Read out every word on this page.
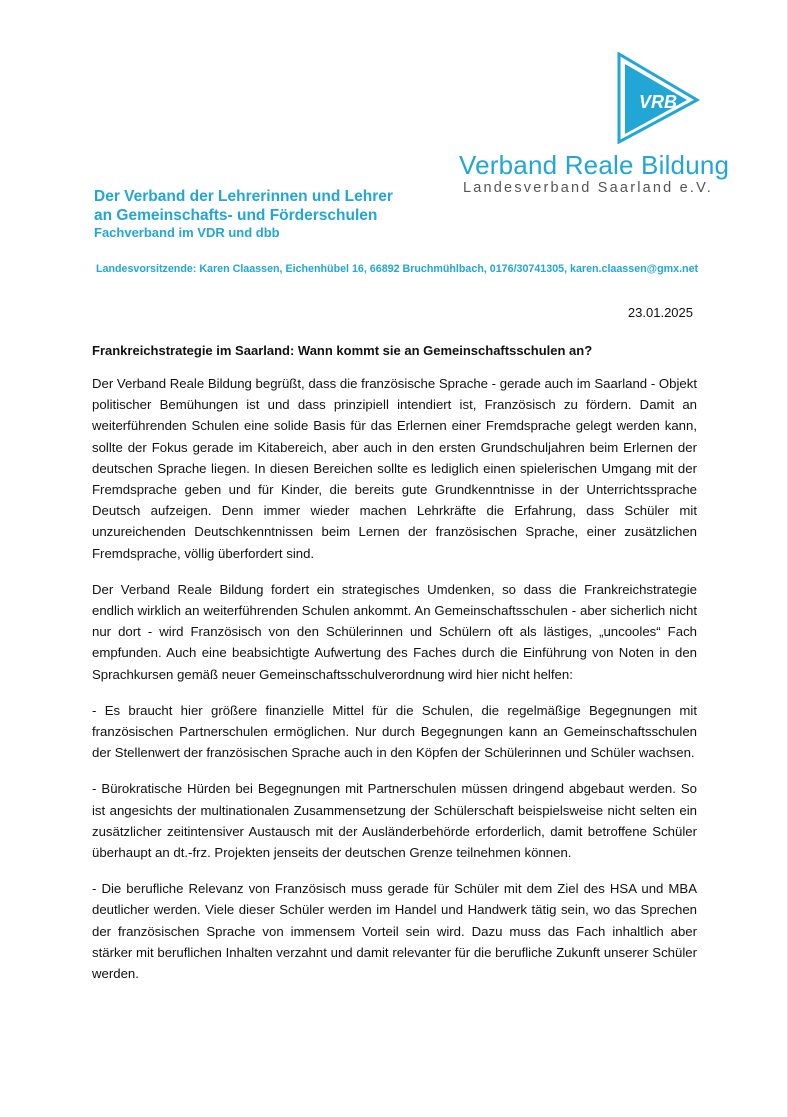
VRB
Verband Reale Bildung
Landesverband Saarland e.V.
Der Verband der Lehrerinnen und Lehrer
an Gemeinschafts- und Förderschulen
Fachverband im VDR und dbb
Landesvorsitzende: Karen Claassen, Eichenhübel 16, 66892 Bruchmühlbach, 0176/30741305, karen.claassen@gmx.net
23.01.2025
Frankreichstrategie im Saarland: Wann kommt sie an Gemeinschaftsschulen an?

Der Verband Reale Bildung begrüßt, dass die französische Sprache - gerade auch im Saarland - Objekt politischer Bemühungen ist und dass prinzipiell intendiert ist, Französisch zu fördern. Damit an weiterführenden Schulen eine solide Basis für das Erlernen einer Fremdsprache gelegt werden kann, sollte der Fokus gerade im Kitabereich, aber auch in den ersten Grundschuljahren beim Erlernen der deutschen Sprache liegen. In diesen Bereichen sollte es lediglich einen spielerischen Umgang mit der Fremdsprache geben und für Kinder, die bereits gute Grundkenntnisse in der Unterrichtssprache Deutsch aufzeigen. Denn immer wieder machen Lehrkräfte die Erfahrung, dass Schüler mit unzureichenden Deutschkenntnissen beim Lernen der französischen Sprache, einer zusätzlichen Fremdsprache, völlig überfordert sind.

Der Verband Reale Bildung fordert ein strategisches Umdenken, so dass die Frankreichstrategie endlich wirklich an weiterführenden Schulen ankommt. An Gemeinschaftsschulen - aber sicherlich nicht nur dort - wird Französisch von den Schülerinnen und Schülern oft als lästiges, „uncooles“ Fach empfunden. Auch eine beabsichtigte Aufwertung des Faches durch die Einführung von Noten in den Sprachkursen gemäß neuer Gemeinschaftsschulverordnung wird hier nicht helfen:

- Es braucht hier größere finanzielle Mittel für die Schulen, die regelmäßige Begegnungen mit französischen Partnerschulen ermöglichen. Nur durch Begegnungen kann an Gemeinschaftsschulen der Stellenwert der französischen Sprache auch in den Köpfen der Schülerinnen und Schüler wachsen.

- Bürokratische Hürden bei Begegnungen mit Partnerschulen müssen dringend abgebaut werden. So ist angesichts der multinationalen Zusammensetzung der Schülerschaft beispielsweise nicht selten ein zusätzlicher zeitintensiver Austausch mit der Ausländerbehörde erforderlich, damit betroffene Schüler überhaupt an dt.-frz. Projekten jenseits der deutschen Grenze teilnehmen können.

- Die berufliche Relevanz von Französisch muss gerade für Schüler mit dem Ziel des HSA und MBA deutlicher werden. Viele dieser Schüler werden im Handel und Handwerk tätig sein, wo das Sprechen der französischen Sprache von immensem Vorteil sein wird. Dazu muss das Fach inhaltlich aber stärker mit beruflichen Inhalten verzahnt und damit relevanter für die berufliche Zukunft unserer Schüler werden.
